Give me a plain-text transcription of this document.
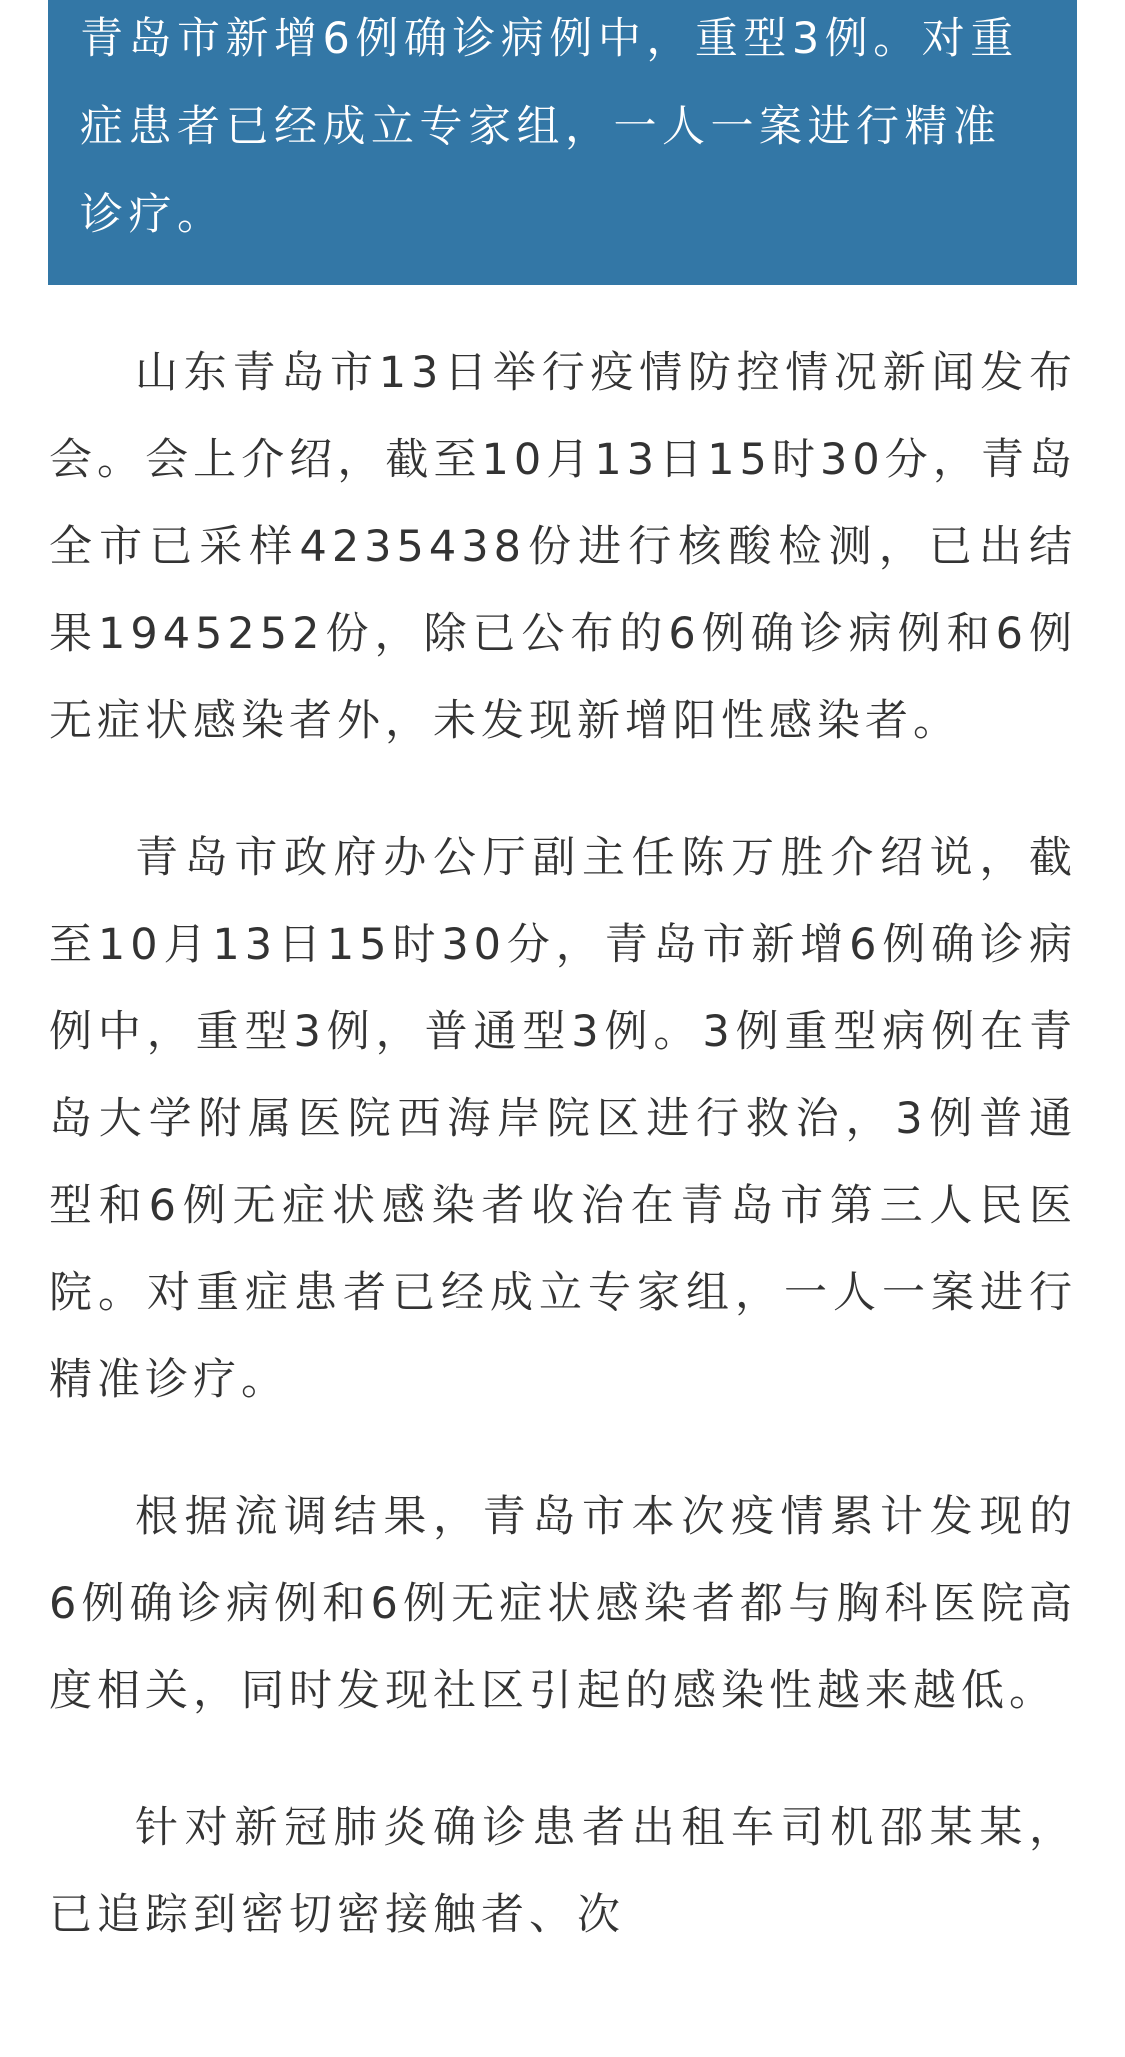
青岛市新增6例确诊病例中，重型3例。对重症患者已经成立专家组，一人一案进行精准诊疗。

山东青岛市13日举行疫情防控情况新闻发布会。会上介绍，截至10月13日15时30分，青岛全市已采样4235438份进行核酸检测，已出结果1945252份，除已公布的6例确诊病例和6例无症状感染者外，未发现新增阳性感染者。

青岛市政府办公厅副主任陈万胜介绍说，截至10月13日15时30分，青岛市新增6例确诊病例中，重型3例，普通型3例。3例重型病例在青岛大学附属医院西海岸院区进行救治，3例普通型和6例无症状感染者收治在青岛市第三人民医院。对重症患者已经成立专家组，一人一案进行精准诊疗。

根据流调结果，青岛市本次疫情累计发现的6例确诊病例和6例无症状感染者都与胸科医院高度相关，同时发现社区引起的感染性越来越低。

针对新冠肺炎确诊患者出租车司机邵某某，已追踪到密切密接触者、次
